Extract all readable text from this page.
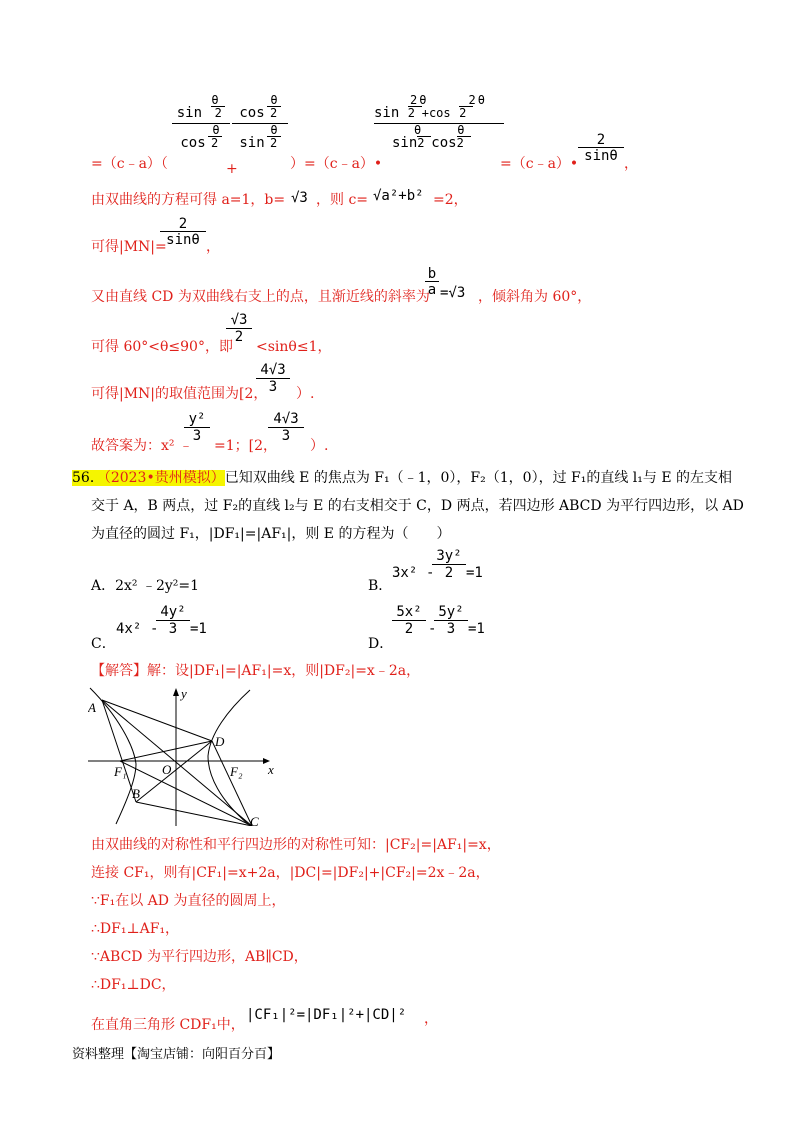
=（c﹣a）（
θ
sin 2
θ
cos 2
+
θ
cos 2
θ
sin 2
）=（c﹣a）•
2 θ	2 θ
sin 2 +cos 2
θ	θ
sin2 cos2
=（c﹣a）• $\frac{2}{\sin\theta}$ ，
由双曲线的方程可得 a=1，b= √3 ，则 c= √a²+b² =2，
可得|MN|=
$\frac{2}{\sin\theta}$ ，
又由直线 CD 为双曲线右支上的点，且渐近线的斜率为
$\frac{b}{a} =√3$ ，倾斜角为 60°，
可得 60°<θ≤90°，即
$\frac{√3}{2}$
<sinθ≤1，
可得|MN|的取值范围为[2，
$\frac{4√3}{3}$ ）.
故答案为：x² ﹣
$\frac{\text{y²}}{3}$
=1；[2，
$\frac{4√3}{3}$
）.
56．（2023•贵州模拟）已知双曲线 E 的焦点为 F₁（﹣1，0），F₂（1，0），过 F₁的直线 l₁与 E 的左支相
交于 A，B 两点，过 F₂的直线 l₂与 E 的右支相交于 C，D 两点，若四边形 ABCD 为平行四边形，以 AD
为直径的圆过 F₁，|DF₁|=|AF₁|，则 E 的方程为（　　）
A．2x² ﹣2y²=1	B．
3x² -
$\frac{\text{3y²}}{2} =1$
C．
4x² -
$\frac{\text{4y²}}{3} =1$
D．
$\frac{\text{5x²}}{2}$ -
$\frac{\text{5y²}}{3} =1$
【解答】解：设|DF₁|=|AF₁|=x，则|DF₂|=x﹣2a，
y
x
A
B
C
D
O
F₁	F₂
由双曲线的对称性和平行四边形的对称性可知：|CF₂|=|AF₁|=x，
连接 CF₁，则有|CF₁|=x+2a，|DC|=|DF₂|+|CF₂|=2x﹣2a，
∵F₁在以 AD 为直径的圆周上，
∴DF₁⊥AF₁，
∵ABCD 为平行四边形，AB∥CD，
∴DF₁⊥DC，
在直角三角形 CDF₁中，
|CF₁|²=|DF₁|²+|CD|² ，
资料整理【淘宝店铺：向阳百分百】
